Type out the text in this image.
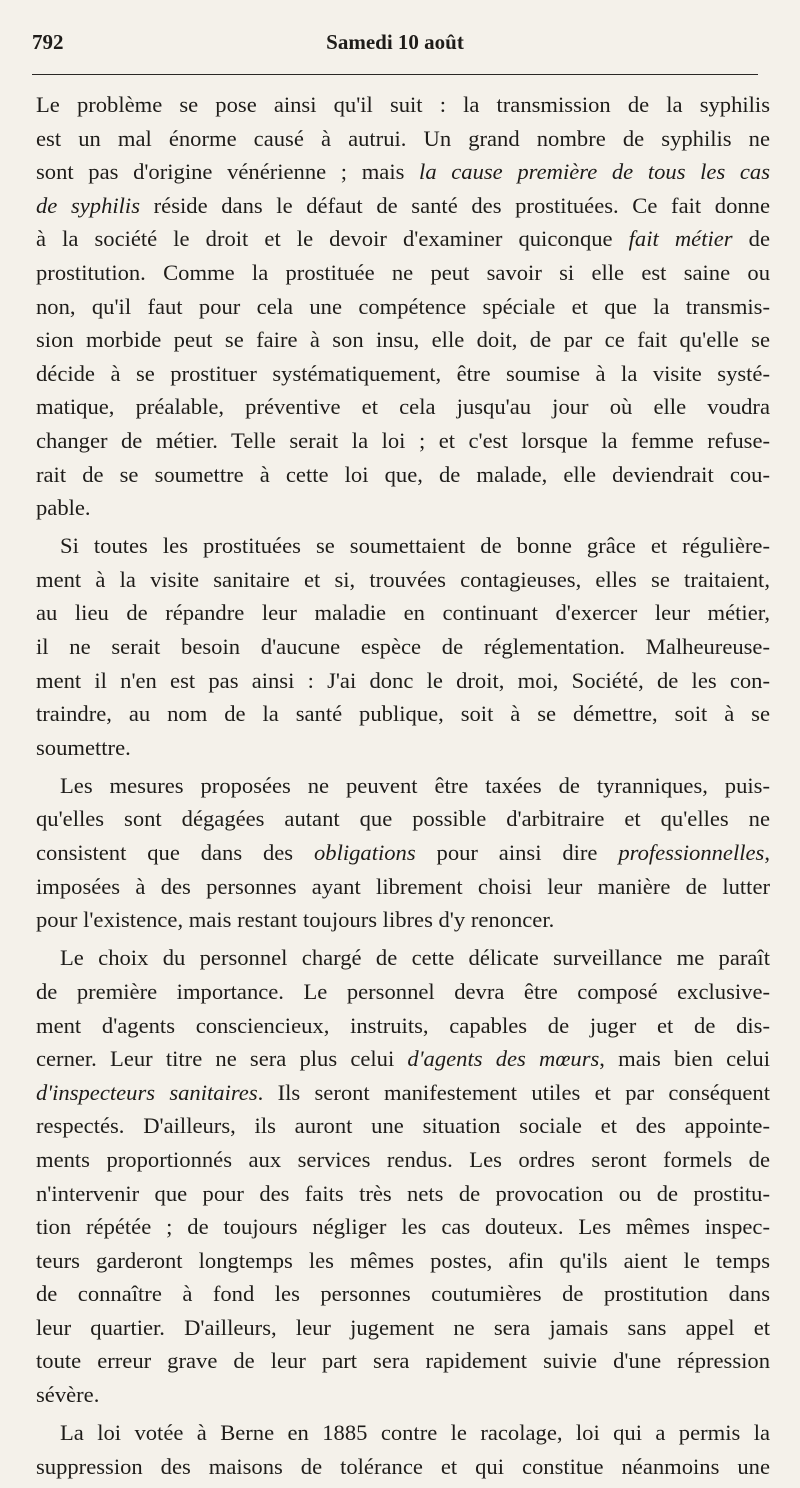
792	Samedi 10 août
Le problème se pose ainsi qu'il suit : la transmission de la syphilis
est un mal énorme causé à autrui. Un grand nombre de syphilis ne
sont pas d'origine vénérienne ; mais la cause première de tous les cas
de syphilis réside dans le défaut de santé des prostituées. Ce fait donne
à la société le droit et le devoir d'examiner quiconque fait métier de
prostitution. Comme la prostituée ne peut savoir si elle est saine ou
non, qu'il faut pour cela une compétence spéciale et que la transmis-
sion morbide peut se faire à son insu, elle doit, de par ce fait qu'elle se
décide à se prostituer systématiquement, être soumise à la visite systé-
matique, préalable, préventive et cela jusqu'au jour où elle voudra
changer de métier. Telle serait la loi ; et c'est lorsque la femme refuse-
rait de se soumettre à cette loi que, de malade, elle deviendrait cou-
pable.
Si toutes les prostituées se soumettaient de bonne grâce et régulière-
ment à la visite sanitaire et si, trouvées contagieuses, elles se traitaient,
au lieu de répandre leur maladie en continuant d'exercer leur métier,
il ne serait besoin d'aucune espèce de réglementation. Malheureuse-
ment il n'en est pas ainsi : J'ai donc le droit, moi, Société, de les con-
traindre, au nom de la santé publique, soit à se démettre, soit à se
soumettre.
Les mesures proposées ne peuvent être taxées de tyranniques, puis-
qu'elles sont dégagées autant que possible d'arbitraire et qu'elles ne
consistent que dans des obligations pour ainsi dire professionnelles,
imposées à des personnes ayant librement choisi leur manière de lutter
pour l'existence, mais restant toujours libres d'y renoncer.
Le choix du personnel chargé de cette délicate surveillance me paraît
de première importance. Le personnel devra être composé exclusive-
ment d'agents consciencieux, instruits, capables de juger et de dis-
cerner. Leur titre ne sera plus celui d'agents des mœurs, mais bien celui
d'inspecteurs sanitaires. Ils seront manifestement utiles et par conséquent
respectés. D'ailleurs, ils auront une situation sociale et des appointe-
ments proportionnés aux services rendus. Les ordres seront formels de
n'intervenir que pour des faits très nets de provocation ou de prostitu-
tion répétée ; de toujours négliger les cas douteux. Les mêmes inspec-
teurs garderont longtemps les mêmes postes, afin qu'ils aient le temps
de connaître à fond les personnes coutumières de prostitution dans
leur quartier. D'ailleurs, leur jugement ne sera jamais sans appel et
toute erreur grave de leur part sera rapidement suivie d'une répression
sévère.
La loi votée à Berne en 1885 contre le racolage, loi qui a permis la
suppression des maisons de tolérance et qui constitue néanmoins une
